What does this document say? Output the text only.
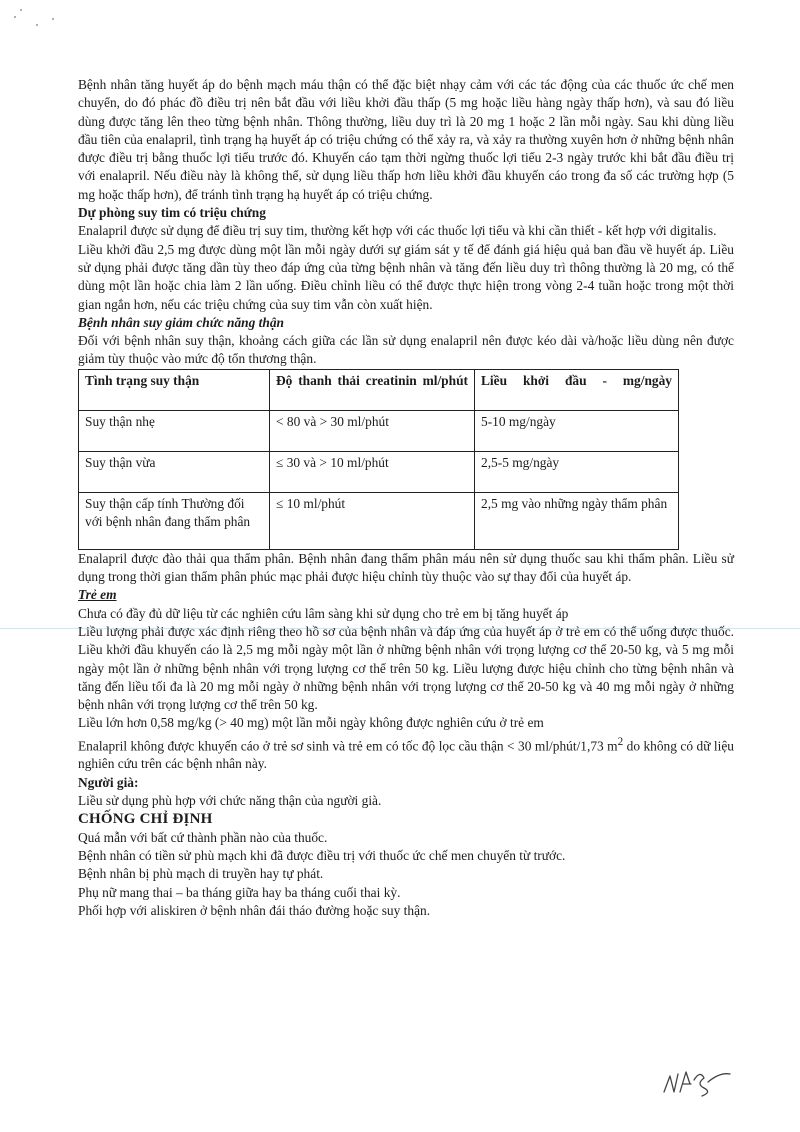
Bệnh nhân tăng huyết áp do bệnh mạch máu thận có thể đặc biệt nhạy cảm với các tác động của các thuốc ức chế men chuyển, do đó phác đồ điều trị nên bắt đầu với liều khởi đầu thấp (5 mg hoặc liều hàng ngày thấp hơn), và sau đó liều dùng được tăng lên theo từng bệnh nhân. Thông thường, liều duy trì là 20 mg 1 hoặc 2 lần mỗi ngày. Sau khi dùng liều đầu tiên của enalapril, tình trạng hạ huyết áp có triệu chứng có thể xảy ra, và xảy ra thường xuyên hơn ở những bệnh nhân được điều trị bằng thuốc lợi tiểu trước đó. Khuyến cáo tạm thời ngừng thuốc lợi tiểu 2-3 ngày trước khi bắt đầu điều trị với enalapril. Nếu điều này là không thể, sử dụng liều thấp hơn liều khởi đầu khuyến cáo trong đa số các trường hợp (5 mg hoặc thấp hơn), để tránh tình trạng hạ huyết áp có triệu chứng.

Dự phòng suy tim có triệu chứng

Enalapril được sử dụng để điều trị suy tim, thường kết hợp với các thuốc lợi tiểu và khi cần thiết - kết hợp với digitalis.

Liều khởi đầu 2,5 mg được dùng một lần mỗi ngày dưới sự giám sát y tế để đánh giá hiệu quả ban đầu về huyết áp. Liều sử dụng phải được tăng dần tùy theo đáp ứng của từng bệnh nhân và tăng đến liều duy trì thông thường là 20 mg, có thể dùng một lần hoặc chia làm 2 lần uống. Điều chỉnh liều có thể được thực hiện trong vòng 2-4 tuần hoặc trong một thời gian ngắn hơn, nếu các triệu chứng của suy tim vẫn còn xuất hiện.

Bệnh nhân suy giảm chức năng thận

Đối với bệnh nhân suy thận, khoảng cách giữa các lần sử dụng enalapril nên được kéo dài và/hoặc liều dùng nên được giảm tùy thuộc vào mức độ tổn thương thận.

Tình trạng suy thận	Độ thanh thải creatinin ml/phút	Liều khởi đầu - mg/ngày
Suy thận nhẹ	< 80 và > 30 ml/phút	5-10 mg/ngày
Suy thận vừa	≤ 30 và > 10 ml/phút	2,5-5 mg/ngày
Suy thận cấp tính Thường đối với bệnh nhân đang thẩm phân	≤ 10 ml/phút	2,5 mg vào những ngày thẩm phân

Enalapril được đào thải qua thẩm phân. Bệnh nhân đang thẩm phân máu nên sử dụng thuốc sau khi thẩm phân. Liều sử dụng trong thời gian thẩm phân phúc mạc phải được hiệu chỉnh tùy thuộc vào sự thay đổi của huyết áp.

Trẻ em

Chưa có đầy đủ dữ liệu từ các nghiên cứu lâm sàng khi sử dụng cho trẻ em bị tăng huyết áp

Liều lượng phải được xác định riêng theo hồ sơ của bệnh nhân và đáp ứng của huyết áp ở trẻ em có thể uống được thuốc. Liều khởi đầu khuyến cáo là 2,5 mg mỗi ngày một lần ở những bệnh nhân với trọng lượng cơ thể 20-50 kg, và 5 mg mỗi ngày một lần ở những bệnh nhân với trọng lượng cơ thể trên 50 kg. Liều lượng được hiệu chỉnh cho từng bệnh nhân và tăng đến liều tối đa là 20 mg mỗi ngày ở những bệnh nhân với trọng lượng cơ thể 20-50 kg và 40 mg mỗi ngày ở những bệnh nhân với trọng lượng cơ thể trên 50 kg.

Liều lớn hơn 0,58 mg/kg (> 40 mg) một lần mỗi ngày không được nghiên cứu ở trẻ em

Enalapril không được khuyến cáo ở trẻ sơ sinh và trẻ em có tốc độ lọc cầu thận < 30 ml/phút/1,73 $m^2$ do không có dữ liệu nghiên cứu trên các bệnh nhân này.

Người già:

Liều sử dụng phù hợp với chức năng thận của người già.

CHỐNG CHỈ ĐỊNH

Quá mẫn với bất cứ thành phần nào của thuốc.

Bệnh nhân có tiền sử phù mạch khi đã được điều trị với thuốc ức chế men chuyển từ trước.

Bệnh nhân bị phù mạch di truyền hay tự phát.

Phụ nữ mang thai – ba tháng giữa hay ba tháng cuối thai kỳ.

Phối hợp với aliskiren ở bệnh nhân đái tháo đường hoặc suy thận.
